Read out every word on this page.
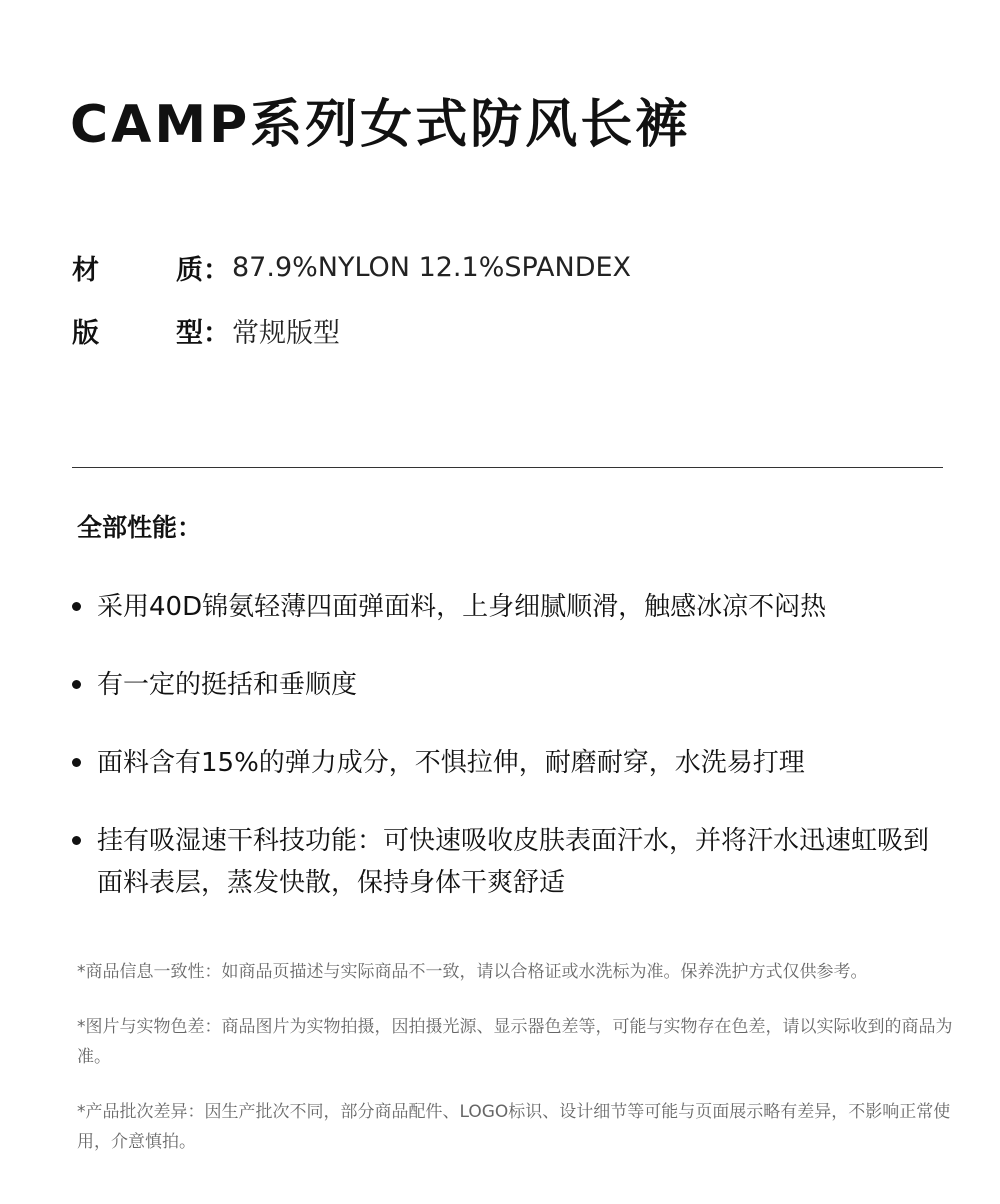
CAMP系列女式防风长裤
材	质： 87.9%NYLON 12.1%SPANDEX
版	型： 常规版型
全部性能：
采用40D锦氨轻薄四面弹面料，上身细腻顺滑，触感冰凉不闷热
有一定的挺括和垂顺度
面料含有15%的弹力成分，不惧拉伸，耐磨耐穿，水洗易打理
挂有吸湿速干科技功能：可快速吸收皮肤表面汗水，并将汗水迅速虹吸到面料表层，蒸发快散，保持身体干爽舒适

*商品信息一致性：如商品页描述与实际商品不一致，请以合格证或水洗标为准。保养洗护方式仅供参考。

*图片与实物色差：商品图片为实物拍摄，因拍摄光源、显示器色差等，可能与实物存在色差，请以实际收到的商品为准。

*产品批次差异：因生产批次不同，部分商品配件、LOGO标识、设计细节等可能与页面展示略有差异，不影响正常使用，介意慎拍。
